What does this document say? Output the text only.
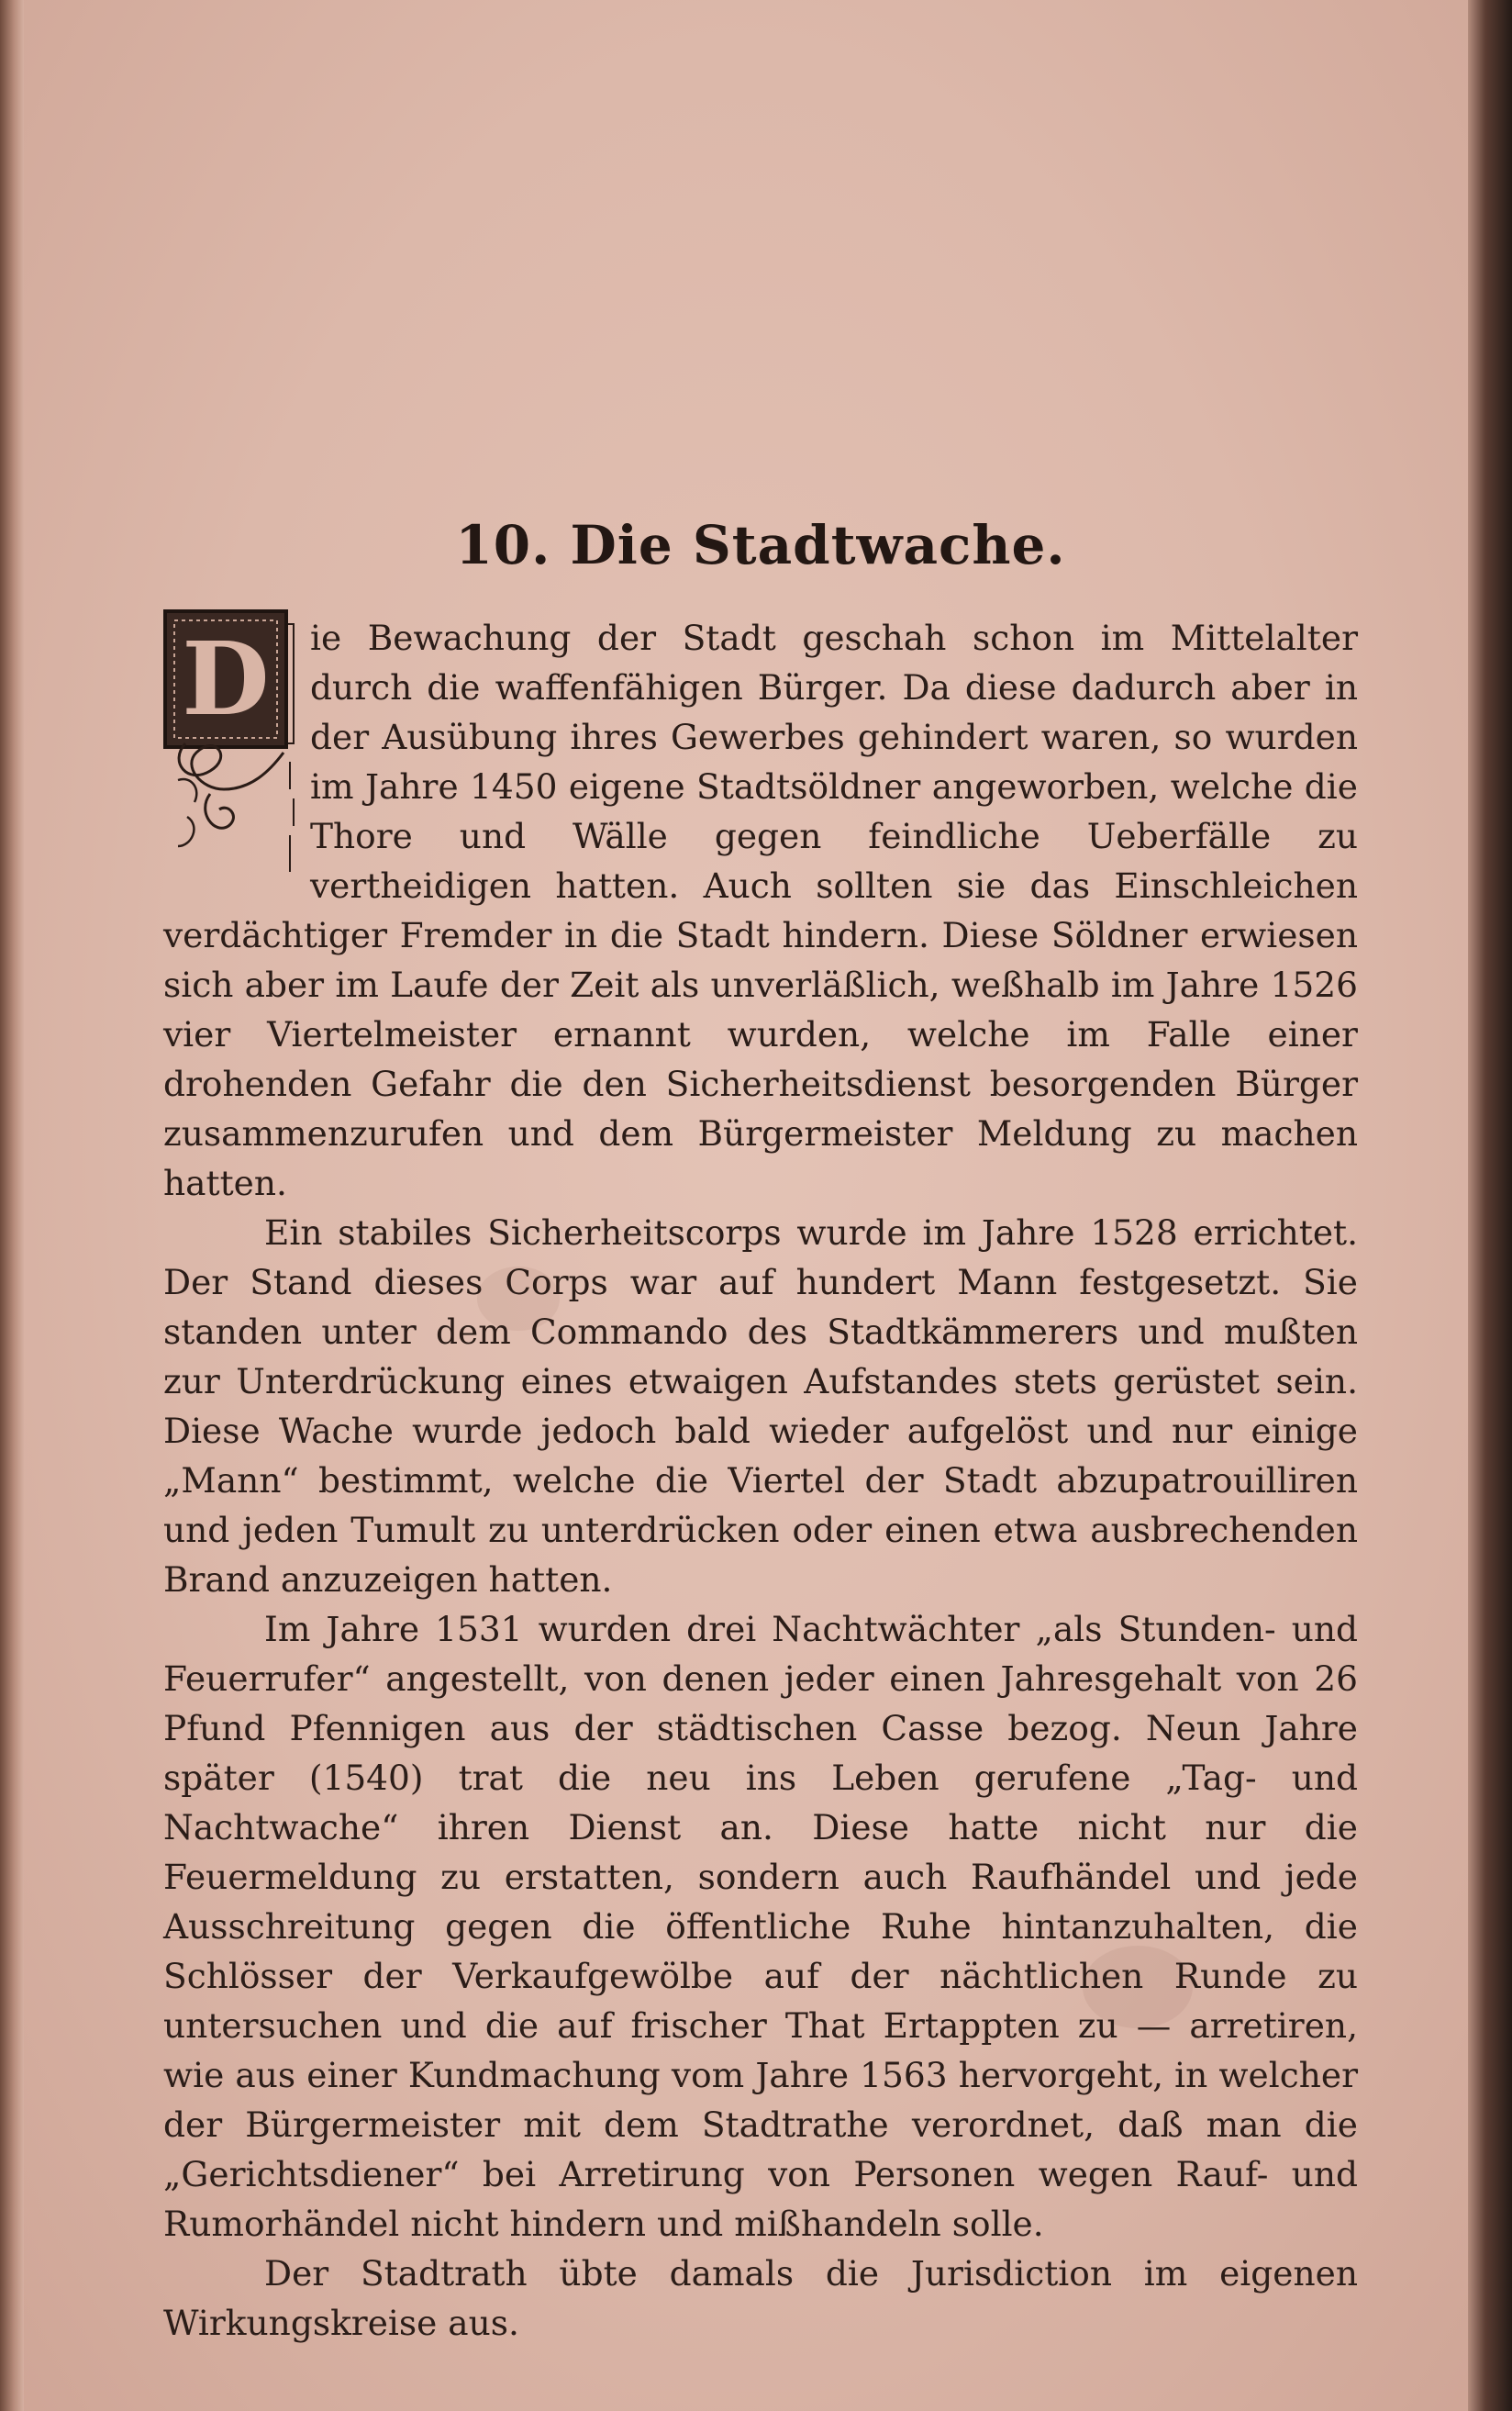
10. Die Stadtwache.
D	ie Bewachung der Stadt geschah schon im Mittelalter durch die waffenfähigen Bürger. Da diese dadurch aber in der Ausübung ihres Gewerbes gehindert waren, so wurden im Jahre 1450 eigene Stadtsöldner angeworben, welche die Thore und Wälle gegen feindliche Ueberfälle zu vertheidigen hatten. Auch sollten sie das Einschleichen verdächtiger Fremder in die Stadt hindern. Diese Söldner erwiesen sich aber im Laufe der Zeit als unverläßlich, weßhalb im Jahre 1526 vier Viertelmeister ernannt wurden, welche im Falle einer drohenden Gefahr die den Sicherheitsdienst besorgenden Bürger zusammenzurufen und dem Bürgermeister Meldung zu machen hatten.

Ein stabiles Sicherheitscorps wurde im Jahre 1528 errichtet. Der Stand dieses Corps war auf hundert Mann festgesetzt. Sie standen unter dem Commando des Stadtkämmerers und mußten zur Unterdrückung eines etwaigen Aufstandes stets gerüstet sein. Diese Wache wurde jedoch bald wieder aufgelöst und nur einige „Mann“ bestimmt, welche die Viertel der Stadt abzupatrouilliren und jeden Tumult zu unterdrücken oder einen etwa ausbrechenden Brand anzuzeigen hatten.

Im Jahre 1531 wurden drei Nachtwächter „als Stunden- und Feuerrufer“ angestellt, von denen jeder einen Jahresgehalt von 26 Pfund Pfennigen aus der städtischen Casse bezog. Neun Jahre später (1540) trat die neu ins Leben gerufene „Tag- und Nachtwache“ ihren Dienst an. Diese hatte nicht nur die Feuermeldung zu erstatten, sondern auch Raufhändel und jede Ausschreitung gegen die öffentliche Ruhe hintanzuhalten, die Schlösser der Verkaufgewölbe auf der nächtlichen Runde zu untersuchen und die auf frischer That Ertappten zu — arretiren, wie aus einer Kundmachung vom Jahre 1563 hervorgeht, in welcher der Bürgermeister mit dem Stadtrathe verordnet, daß man die „Gerichtsdiener“ bei Arretirung von Personen wegen Rauf- und Rumorhändel nicht hindern und mißhandeln solle.

Der Stadtrath übte damals die Jurisdiction im eigenen Wirkungskreise aus.
